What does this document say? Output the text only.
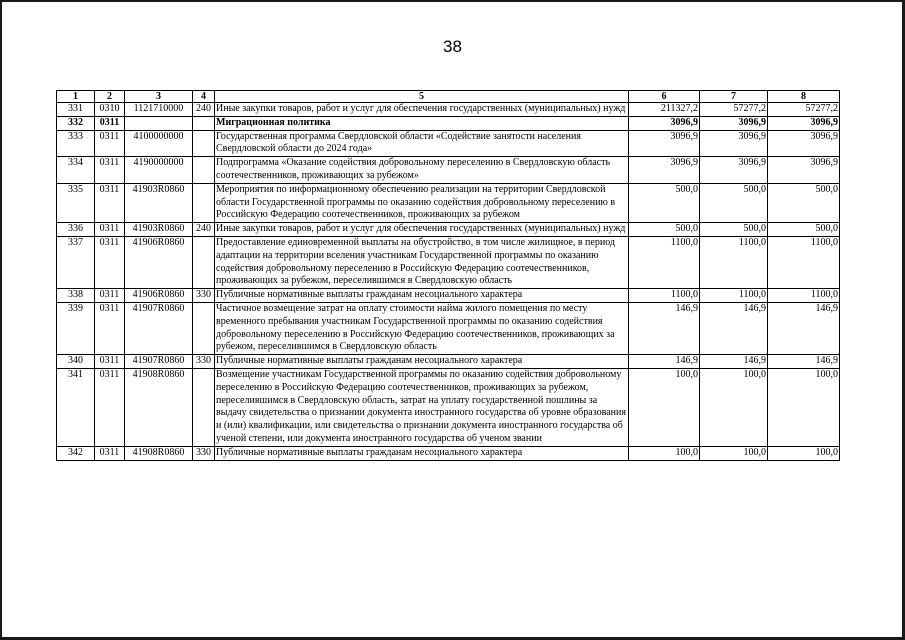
38
1	2	3	4	5	6	7	8
331	0310	1121710000	240	Иные закупки товаров, работ и услуг для обеспечения государственных (муниципальных) нужд	211327,2	57277,2	57277,2
332	0311			Миграционная политика	3096,9	3096,9	3096,9
333	0311	4100000000		Государственная программа Свердловской области «Содействие занятости населения Свердловской области до 2024 года»	3096,9	3096,9	3096,9
334	0311	4190000000		Подпрограмма «Оказание содействия добровольному переселению в Свердловскую область соотечественников, проживающих за рубежом»	3096,9	3096,9	3096,9
335	0311	41903R0860		Мероприятия по информационному обеспечению реализации на территории Свердловской области Государственной программы по оказанию содействия добровольному переселению в Российскую Федерацию соотечественников, проживающих за рубежом	500,0	500,0	500,0
336	0311	41903R0860	240	Иные закупки товаров, работ и услуг для обеспечения государственных (муниципальных) нужд	500,0	500,0	500,0
337	0311	41906R0860		Предоставление единовременной выплаты на обустройство, в том числе жилищное, в период адаптации на территории вселения участникам Государственной программы по оказанию содействия добровольному переселению в Российскую Федерацию соотечественников, проживающих за рубежом, переселившимся в Свердловскую область	1100,0	1100,0	1100,0
338	0311	41906R0860	330	Публичные нормативные выплаты гражданам несоциального характера	1100,0	1100,0	1100,0
339	0311	41907R0860		Частичное возмещение затрат на оплату стоимости найма жилого помещения по месту временного пребывания участникам Государственной программы по оказанию содействия добровольному переселению в Российскую Федерацию соотечественников, проживающих за рубежом, переселившимся в Свердловскую область	146,9	146,9	146,9
340	0311	41907R0860	330	Публичные нормативные выплаты гражданам несоциального характера	146,9	146,9	146,9
341	0311	41908R0860		Возмещение участникам Государственной программы по оказанию содействия добровольному переселению в Российскую Федерацию соотечественников, проживающих за рубежом, переселившимся в Свердловскую область, затрат на уплату государственной пошлины за выдачу свидетельства о признании документа иностранного государства об уровне образования и (или) квалификации, или свидетельства о признании документа иностранного государства об ученой степени, или документа иностранного государства об ученом звании	100,0	100,0	100,0
342	0311	41908R0860	330	Публичные нормативные выплаты гражданам несоциального характера	100,0	100,0	100,0
